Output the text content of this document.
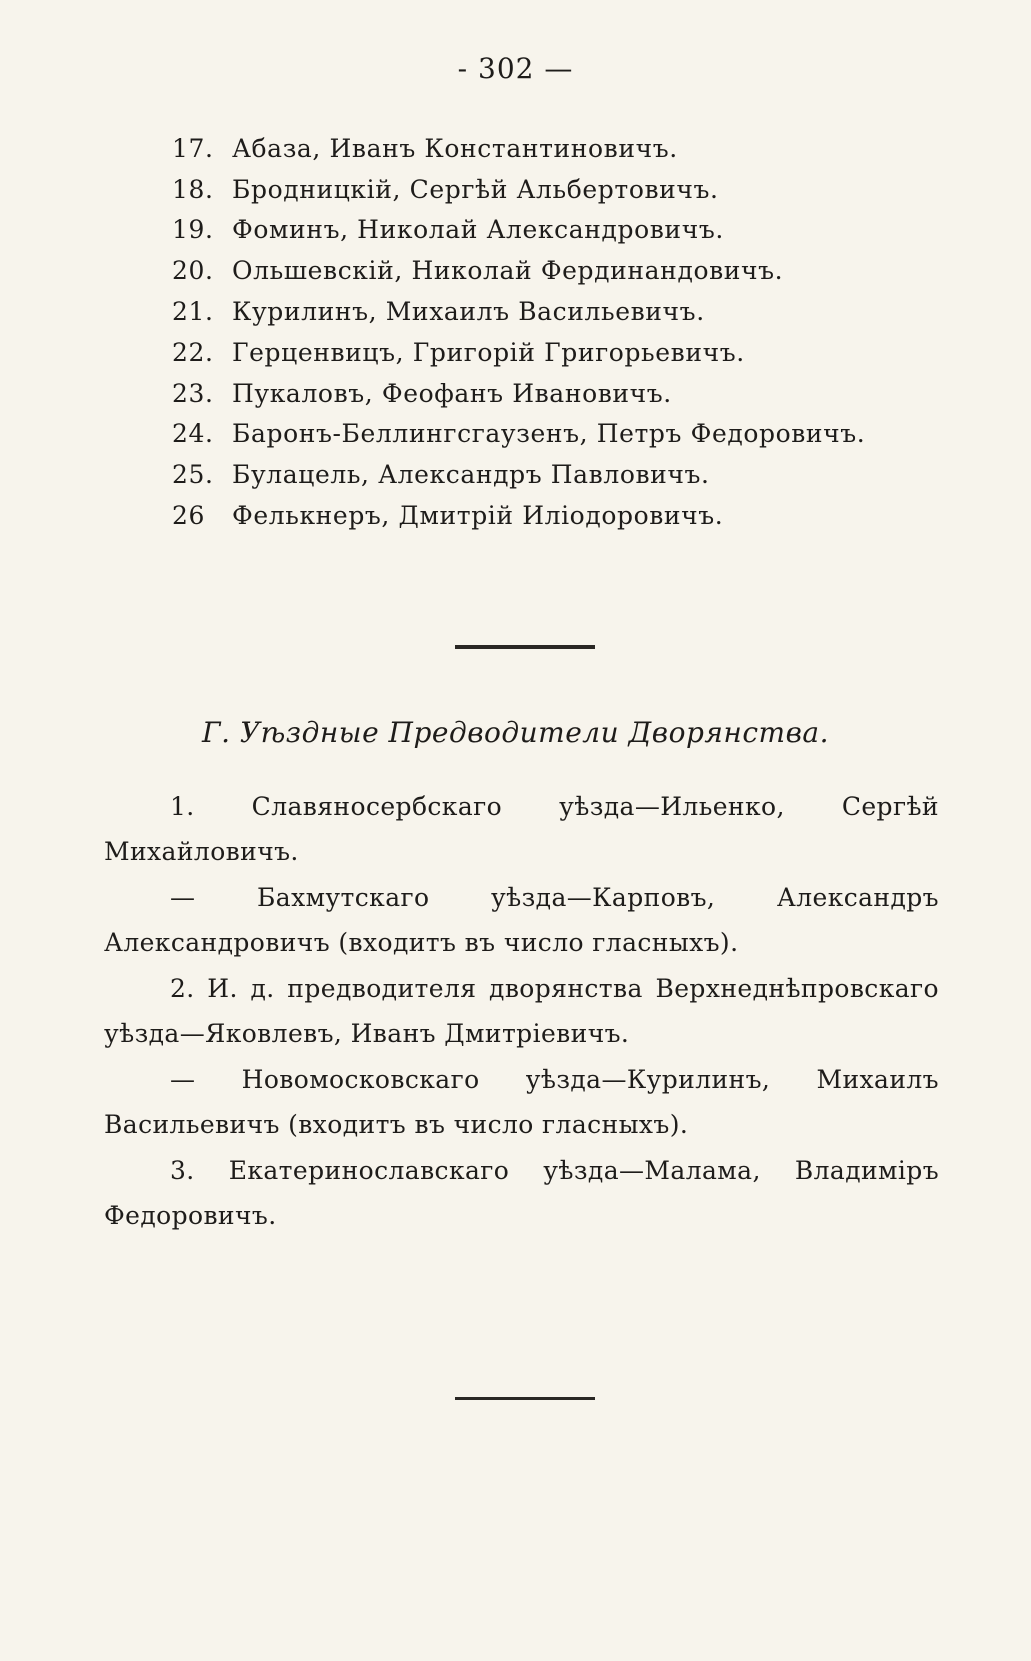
- 302 —
17. Абаза, Иванъ Константиновичъ.
18. Бродницкій, Сергѣй Альбертовичъ.
19. Фоминъ, Николай Александровичъ.
20. Ольшевскій, Николай Фердинандовичъ.
21. Курилинъ, Михаилъ Васильевичъ.
22. Герценвицъ, Григорій Григорьевичъ.
23. Пукаловъ, Феофанъ Ивановичъ.
24. Баронъ-Беллингсгаузенъ, Петръ Федоровичъ.
25. Булацель, Александръ Павловичъ.
26	Фелькнеръ, Дмитрій Иліодоровичъ.
Г. Уѣздные Предводители Дворянства.

1. Славяносербскаго уѣзда—Ильенко, Сергѣй Михайловичъ.

— Бахмутскаго уѣзда—Карповъ, Александръ Александровичъ (входитъ въ число гласныхъ).

2. И. д. предводителя дворянства Верхнеднѣпровскаго уѣзда—Яковлевъ, Иванъ Дмитріевичъ.

— Новомосковскаго уѣзда—Курилинъ, Михаилъ Васильевичъ (входитъ въ число гласныхъ).

3. Екатеринославскаго уѣзда—Малама, Владиміръ Федоровичъ.
